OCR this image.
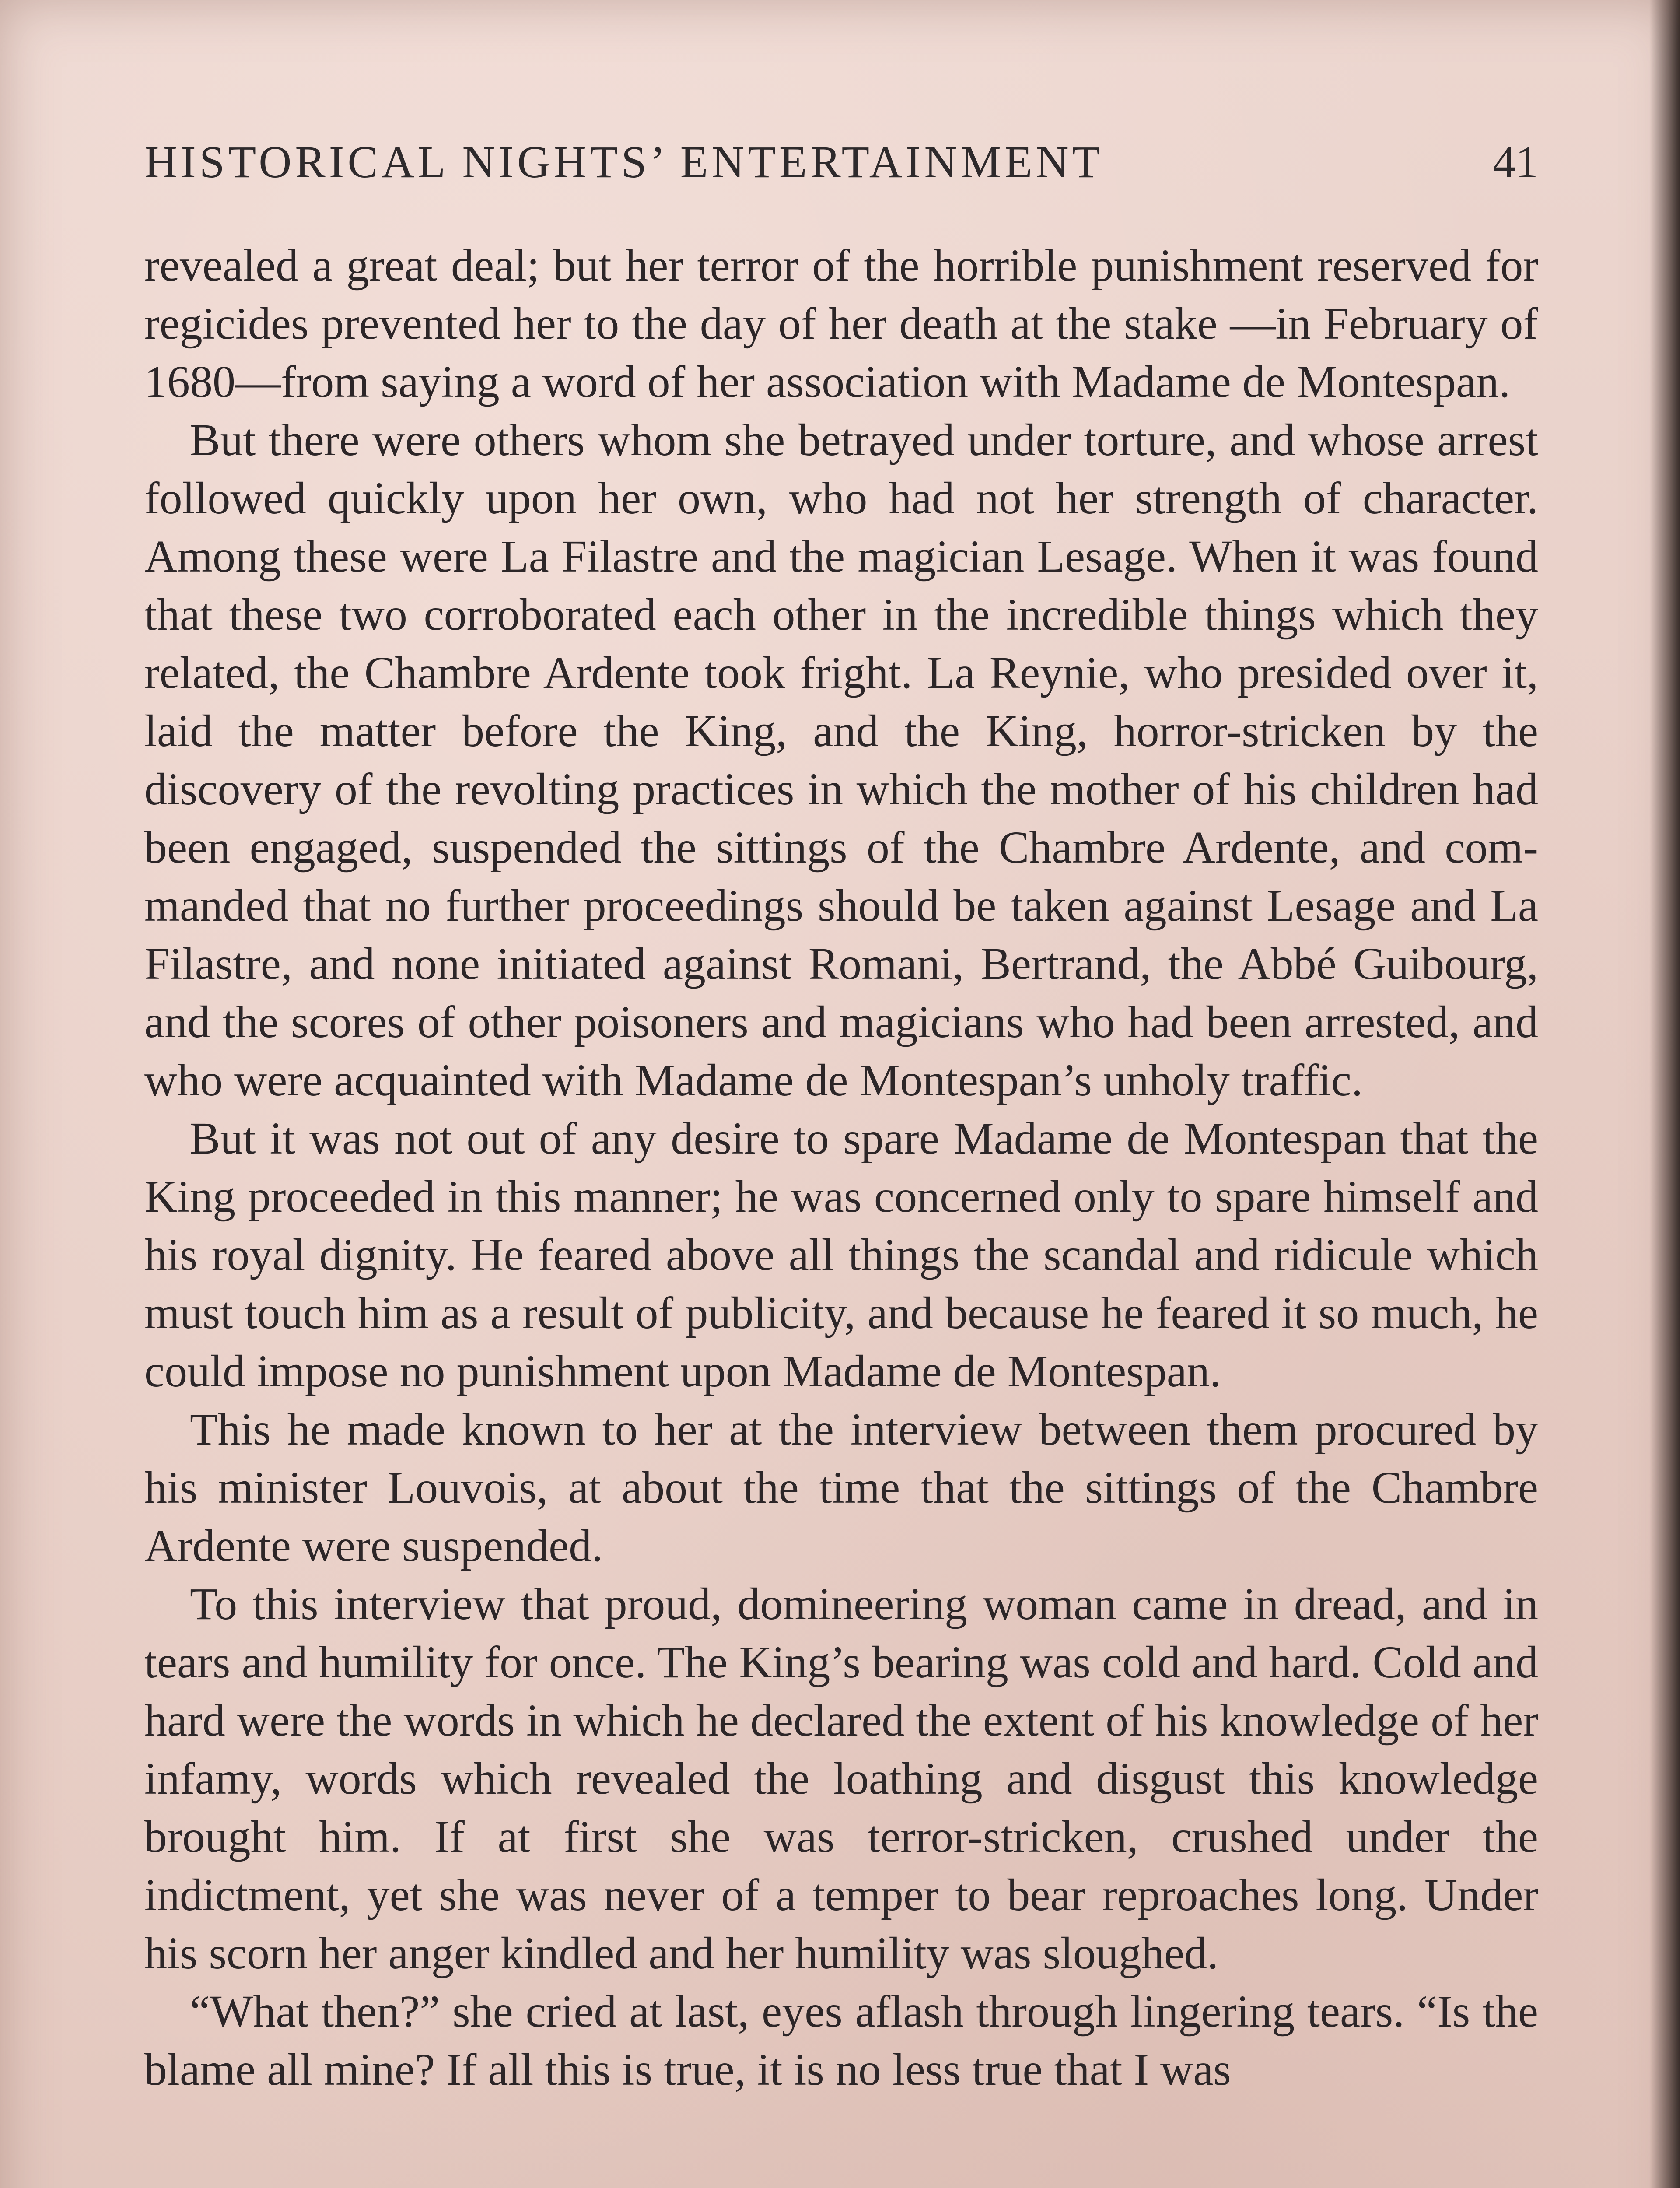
HISTORICAL NIGHTS’ ENTERTAINMENT	41

revealed a great deal; but her terror of the horrible punishment reserved for regicides prevented her to the day of her death at the stake —in February of 1680—from saying a word of her association with Madame de Montespan.

But there were others whom she betrayed under torture, and whose arrest followed quickly upon her own, who had not her strength of character. Among these were La Filastre and the magician Lesage. When it was found that these two corroborated each other in the incredible things which they related, the Chambre Ardente took fright. La Reynie, who presided over it, laid the matter before the King, and the King, horror-stricken by the discovery of the revolting practices in which the mother of his children had been engaged, suspended the sittings of the Chambre Ardente, and commanded that no further proceedings should be taken against Lesage and La Filastre, and none initiated against Romani, Bertrand, the Abbé Guibourg, and the scores of other poisoners and magicians who had been arrested, and who were acquainted with Madame de Montespan’s unholy traffic.

But it was not out of any desire to spare Madame de Montespan that the King proceeded in this manner; he was concerned only to spare himself and his royal dignity. He feared above all things the scandal and ridicule which must touch him as a result of publicity, and because he feared it so much, he could impose no punishment upon Madame de Montespan.

This he made known to her at the interview between them procured by his minister Louvois, at about the time that the sittings of the Chambre Ardente were suspended.

To this interview that proud, domineering woman came in dread, and in tears and humility for once. The King’s bearing was cold and hard. Cold and hard were the words in which he declared the extent of his knowledge of her infamy, words which revealed the loathing and disgust this knowledge brought him. If at first she was terror-stricken, crushed under the indictment, yet she was never of a temper to bear reproaches long. Under his scorn her anger kindled and her humility was sloughed.

“What then?” she cried at last, eyes aflash through lingering tears. “Is the blame all mine? If all this is true, it is no less true that I was
